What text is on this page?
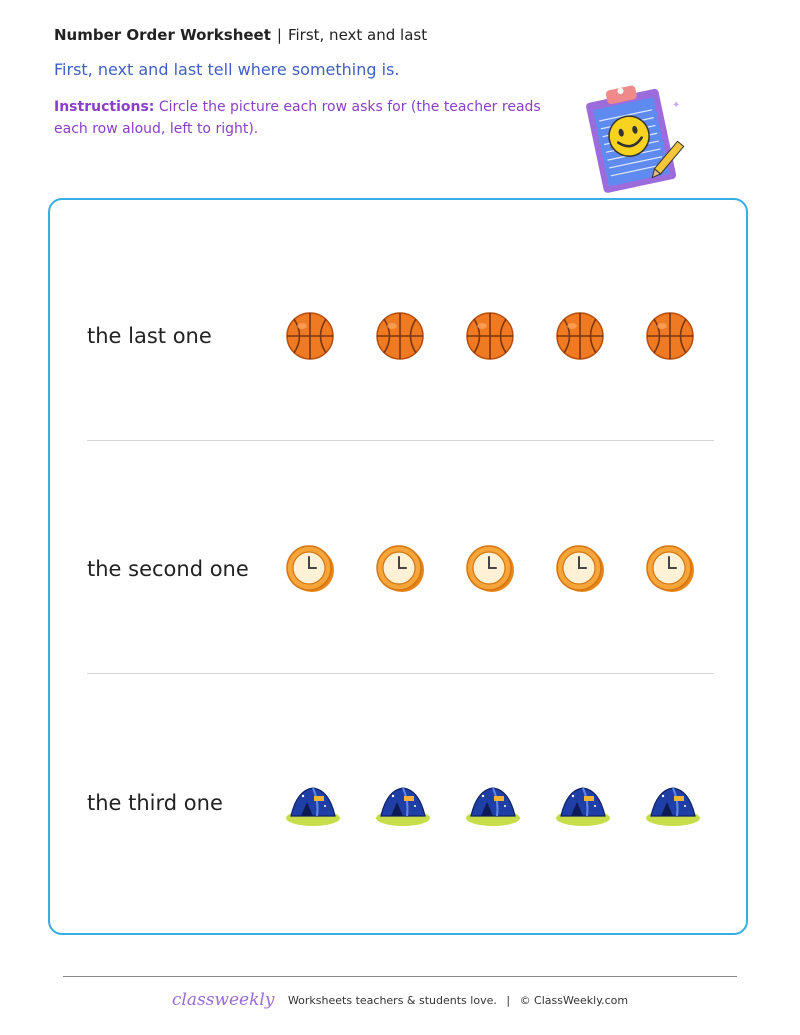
Number Order Worksheet | First, next and last
First, next and last tell where something is.
Instructions: Circle the picture each row asks for (the teacher reads each row aloud, left to right).
✦
the last one
the second one
the third one
classweekly Worksheets teachers & students love. | © ClassWeekly.com
